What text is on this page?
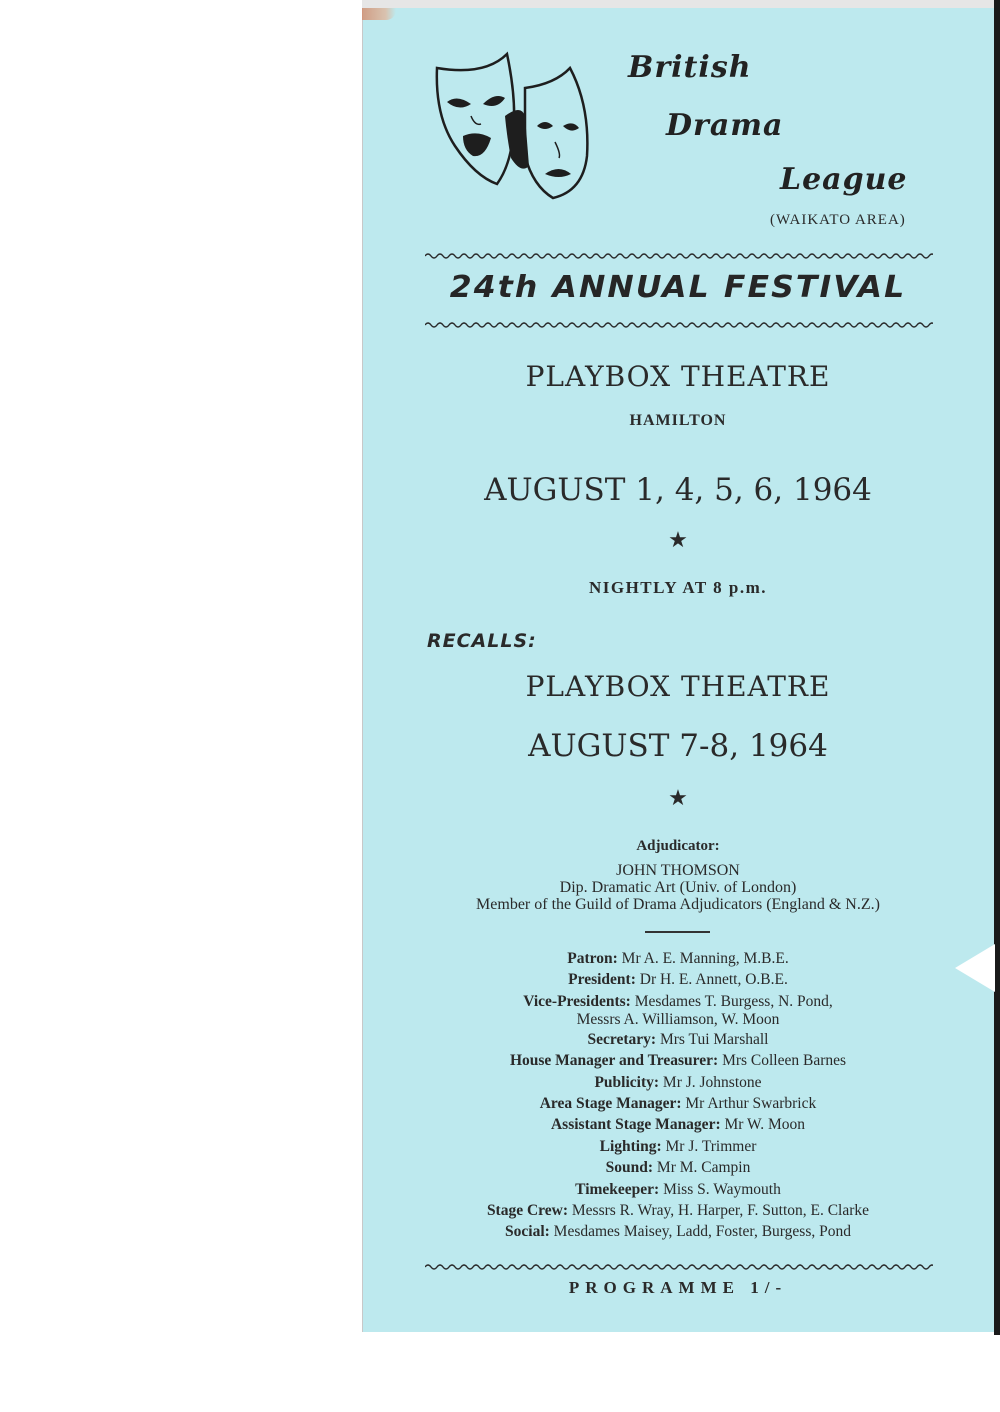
British
Drama
League
(WAIKATO AREA)
24th ANNUAL FESTIVAL
PLAYBOX THEATRE
HAMILTON
AUGUST 1, 4, 5, 6, 1964
★
NIGHTLY AT 8 p.m.
RECALLS:
PLAYBOX THEATRE
AUGUST 7-8, 1964
★
Adjudicator:
JOHN THOMSON
Dip. Dramatic Art (Univ. of London)
Member of the Guild of Drama Adjudicators (England & N.Z.)
Patron: Mr A. E. Manning, M.B.E.
President: Dr H. E. Annett, O.B.E.
Vice-Presidents: Mesdames T. Burgess, N. Pond,
Messrs A. Williamson, W. Moon
Secretary: Mrs Tui Marshall
House Manager and Treasurer: Mrs Colleen Barnes
Publicity: Mr J. Johnstone
Area Stage Manager: Mr Arthur Swarbrick
Assistant Stage Manager: Mr W. Moon
Lighting: Mr J. Trimmer
Sound: Mr M. Campin
Timekeeper: Miss S. Waymouth
Stage Crew: Messrs R. Wray, H. Harper, F. Sutton, E. Clarke
Social: Mesdames Maisey, Ladd, Foster, Burgess, Pond
PROGRAMME 1/-
